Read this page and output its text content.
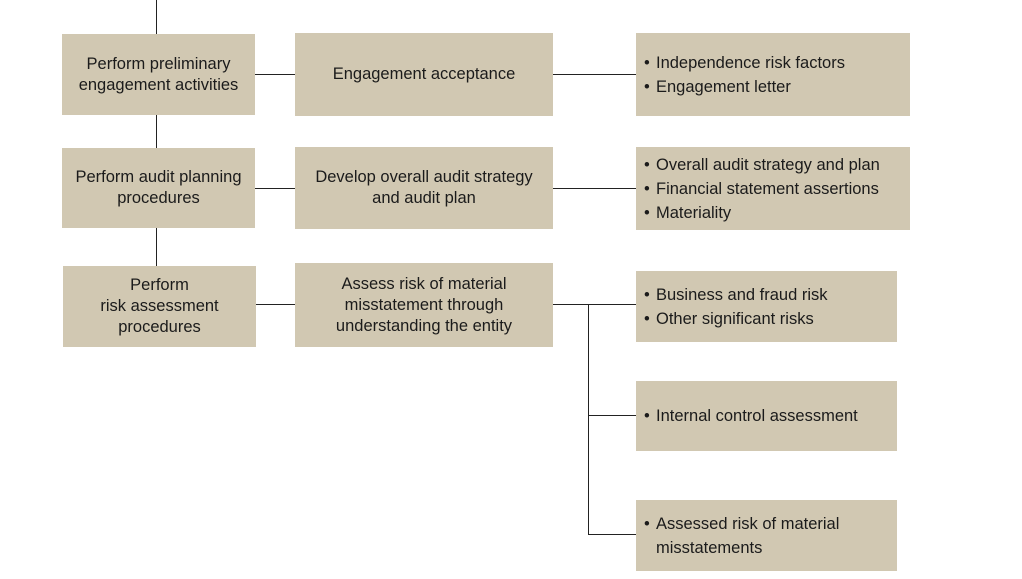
Perform preliminary
engagement activities
Engagement acceptance
• Independence risk factors
• Engagement letter
Perform audit planning
procedures
Develop overall audit strategy
and audit plan
• Overall audit strategy and plan
• Financial statement assertions
• Materiality
Perform
risk assessment
procedures
Assess risk of material
misstatement through
understanding the entity
• Business and fraud risk
• Other significant risks
• Internal control assessment
• Assessed risk of material misstatements
